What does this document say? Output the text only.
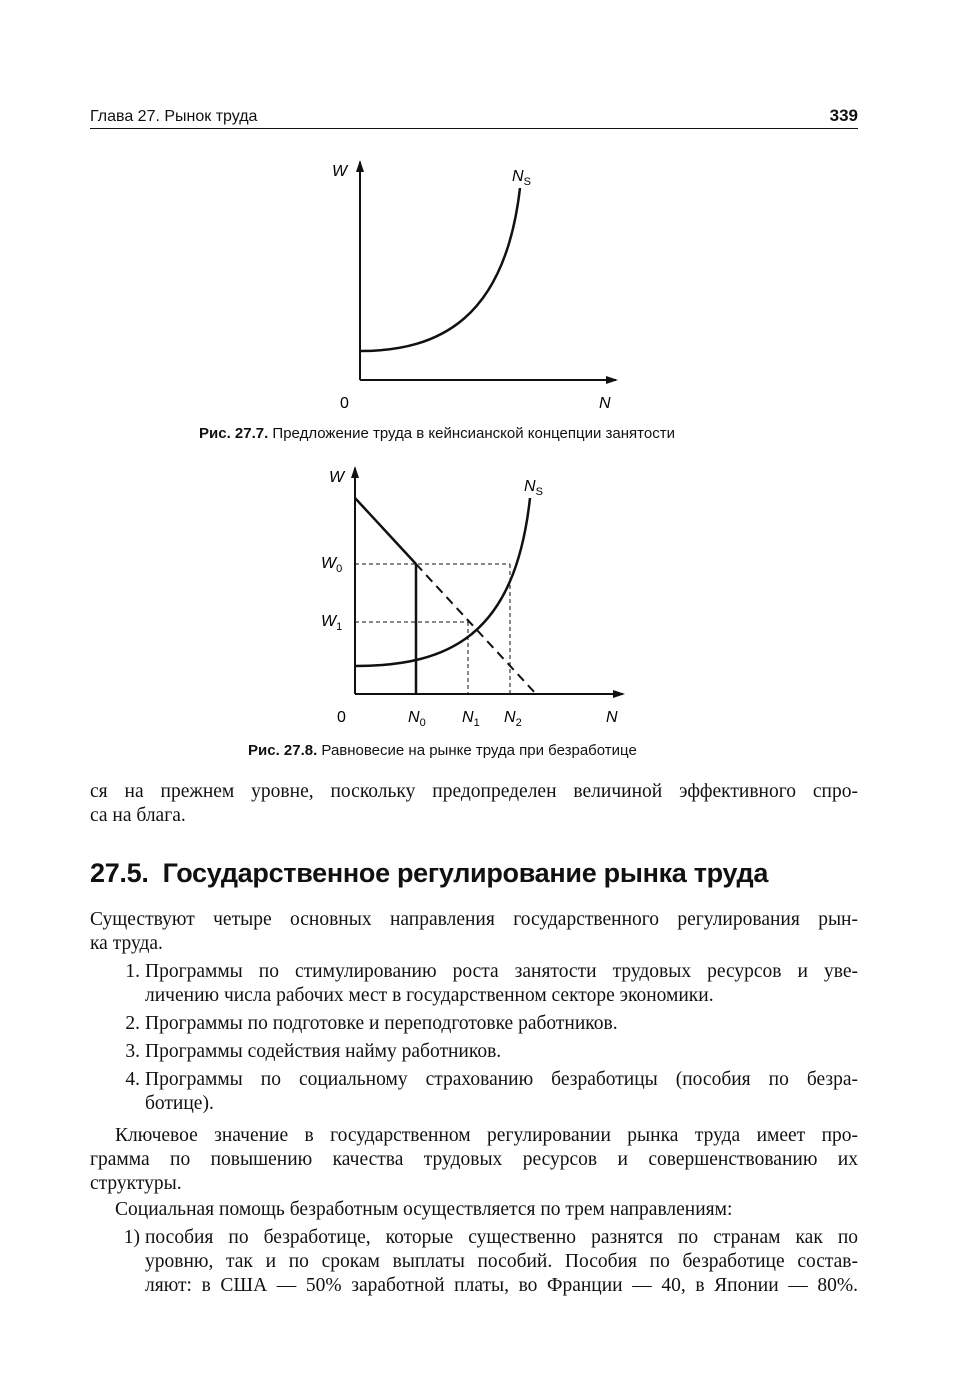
Глава 27. Рынок труда	339
W	$N_S$
0	N
Рис. 27.7. Предложение труда в кейнсианской концепции занятости
W
$N_S$
$W_0$
$W_1$
0	$N_0$ $N_1$ $N_2$	N
Рис. 27.8. Равновесие на рынке труда при безработице
ся на прежнем уровне, поскольку предопределен величиной эффективного спро-
са на блага.
27.5. Государственное регулирование рынка труда
Существуют четыре основных направления государственного регулирования рын-
ка труда.
1. Программы по стимулированию роста занятости трудовых ресурсов и уве-
личению числа рабочих мест в государственном секторе экономики.
2. Программы по подготовке и переподготовке работников.
3. Программы содействия найму работников.
4. Программы по социальному страхованию безработицы (пособия по безра-
ботице).
Ключевое значение в государственном регулировании рынка труда имеет про-
грамма по повышению качества трудовых ресурсов и совершенствованию их
структуры.
Социальная помощь безработным осуществляется по трем направлениям:
1) пособия по безработице, которые существенно разнятся по странам как по
уровню, так и по срокам выплаты пособий. Пособия по безработице состав-
ляют: в США — 50% заработной платы, во Франции — 40, в Японии — 80%.
